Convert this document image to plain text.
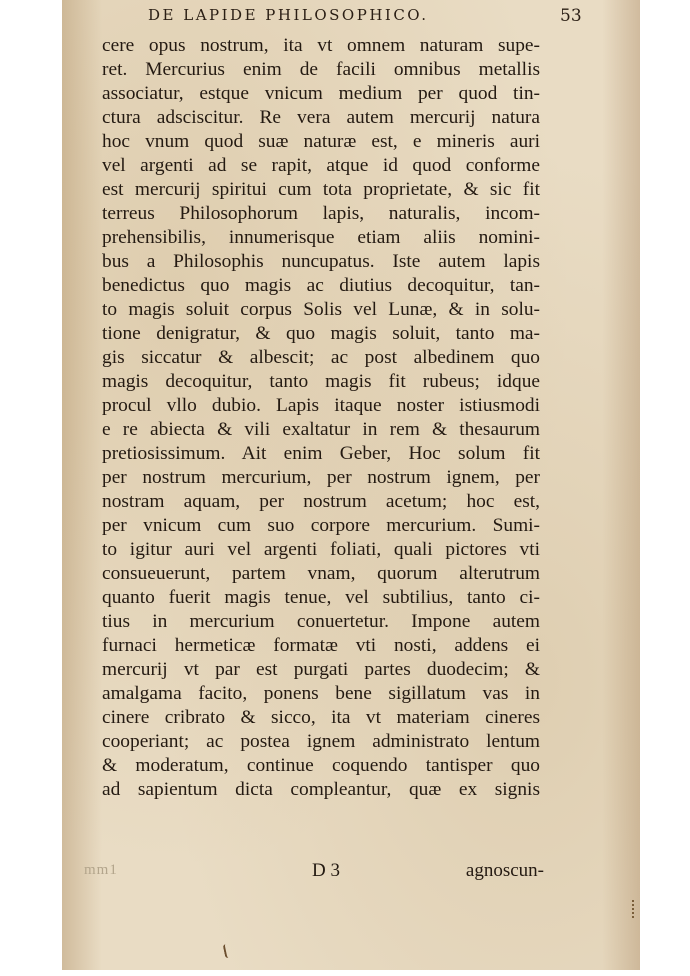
DE LAPIDE PHILOSOPHICO.	53
cere opus nostrum, ita vt omnem naturam supe-
ret. Mercurius enim de facili omnibus metallis
associatur, estque vnicum medium per quod tin-
ctura adsciscitur. Re vera autem mercurij natura
hoc vnum quod suæ naturæ est, e mineris auri
vel argenti ad se rapit, atque id quod conforme
est mercurij spiritui cum tota proprietate, & sic fit
terreus Philosophorum lapis, naturalis, incom-
prehensibilis, innumerisque etiam aliis nomini-
bus a Philosophis nuncupatus. Iste autem lapis
benedictus quo magis ac diutius decoquitur, tan-
to magis soluit corpus Solis vel Lunæ, & in solu-
tione denigratur, & quo magis soluit, tanto ma-
gis siccatur & albescit; ac post albedinem quo
magis decoquitur, tanto magis fit rubeus; idque
procul vllo dubio. Lapis itaque noster istiusmodi
e re abiecta & vili exaltatur in rem & thesaurum
pretiosissimum. Ait enim Geber, Hoc solum fit
per nostrum mercurium, per nostrum ignem, per
nostram aquam, per nostrum acetum; hoc est,
per vnicum cum suo corpore mercurium. Sumi-
to igitur auri vel argenti foliati, quali pictores vti
consueuerunt, partem vnam, quorum alterutrum
quanto fuerit magis tenue, vel subtilius, tanto ci-
tius in mercurium conuertetur. Impone autem
furnaci hermeticæ formatæ vti nosti, addens ei
mercurij vt par est purgati partes duodecim; &
amalgama facito, ponens bene sigillatum vas in
cinere cribrato & sicco, ita vt materiam cineres
cooperiant; ac postea ignem administrato lentum
& moderatum, continue coquendo tantisper quo
ad sapientum dicta compleantur, quæ ex signis
mm1	D 3	agnoscun-
